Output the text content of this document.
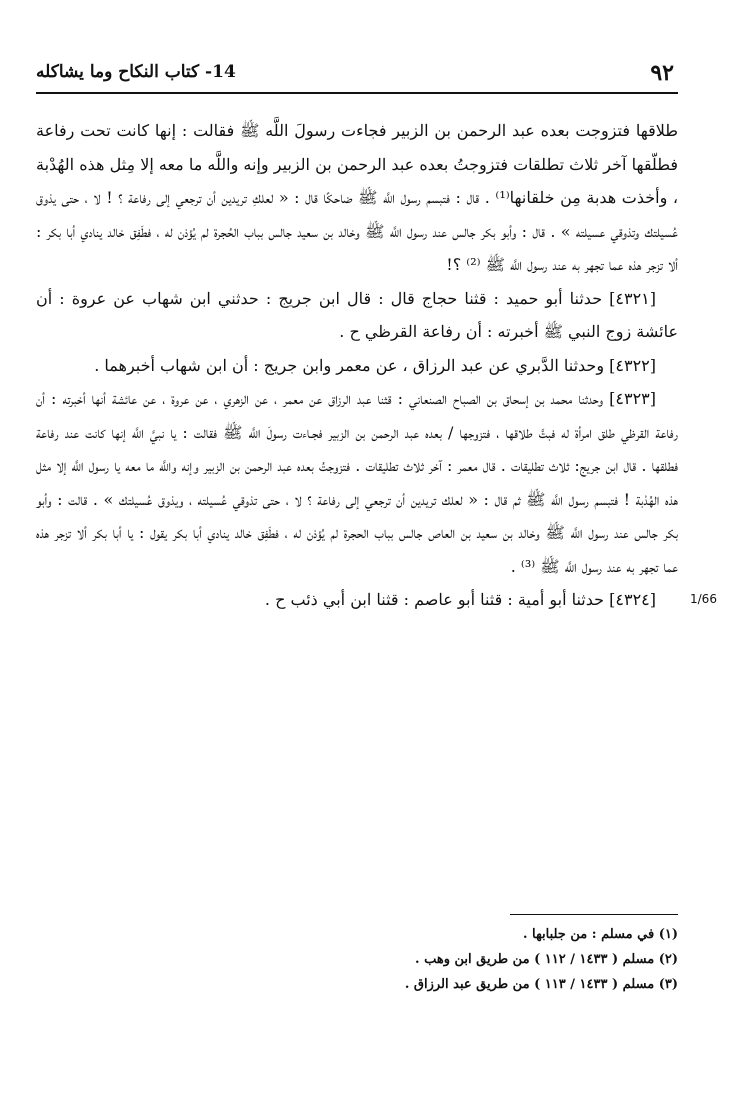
٩٢
14- كتاب النكاح وما يشاكله

طلاقها فتزوجت بعده عبد الرحمن بن الزبير فجاءت رسولَ اللَّه ﷺ فقالت : إنها كانت تحت رفاعة فطلّقها آخر ثلاث تطلقات فتزوجتُ بعده عبد الرحمن بن الزبير وإنه واللَّه ما معه إلا مِثل هذه الهُدْبة ، وأخذت هدبة مِن خلقانها⁽¹⁾ . قال : فتبسم رسول اللَّه ﷺ ضاحكًا قال : « لعلكِ تريدين أن ترجعي إلى رفاعة ؟ ! لا ، حتى يذوق عُسيلتك وتذوقي عسيلته » . قال : وأبو بكر جالس عند رسول اللَّه ﷺ وخالد بن سعيد جالس بباب الحُجرة لم يُؤذن له ، فطَفِق خالد ينادي أبا بكر : ألا تزجر هذه عما تجهر به عند رسول اللَّه ﷺ ⁽²⁾ ؟!

[٤٣٢١] حدثنا أبو حميد : قثنا حجاج قال : قال ابن جريج : حدثني ابن شهاب عن عروة : أن عائشة زوج النبي ﷺ أخبرته : أن رفاعة القرظي ح .

[٤٣٢٢] وحدثنا الدَّبري عن عبد الرزاق ، عن معمر وابن جريج : أن ابن شهاب أخبرهما .

[٤٣٢٣] وحدثنا محمد بن إسحاق بن الصباح الصنعاني : قثنا عبد الرزاق عن معمر ، عن الزهري ، عن عروة ، عن عائشة أنها أخبرته : أن رفاعة القرظي طلق امرأة له فبتَّ طلاقها ، فتزوجها / بعده عبد الرحمن بن الزبير فجـاءت رسولَ اللَّه ﷺ فقالت : يا نبيَّ اللَّه إنها كانت عند رفاعة فطلقها . قال ابن جريج: ثلاث تطليقات . قال معمر : آخر ثلاث تطليقات . فتزوجتُ بعده عبد الرحمن بن الزبير وإنه واللَّه ما معه يا رسول اللَّه إلا مثل هذه الهُدْبة ! فتبسم رسول اللَّه ﷺ ثم قال : « لعلك تريدين أن ترجعي إلى رفاعة ؟ لا ، حتى تذوقي عُسيلته ، ويذوق عُسيلتك » . قالت : وأبو بكر جالس عند رسول اللَّه ﷺ وخالد بن سعيد بن العاص جالس بباب الحجرة لم يُؤذن له ، فطَفِق خالد ينادي أبا بكر يقول : يا أبا بكر ألا تزجر هذه عما تجهر به عند رسول اللَّه ﷺ ⁽³⁾ .

[٤٣٢٤] حدثنا أبو أمية : قثنا أبو عاصم : قثنا ابن أبي ذئب ح .	1/66

(١) في مسلم : من جلبابها .

(٢) مسلم ( ١٤٣٣ / ١١٢ ) من طريق ابن وهب .

(٣) مسلم ( ١٤٣٣ / ١١٣ ) من طريق عبد الرزاق .
